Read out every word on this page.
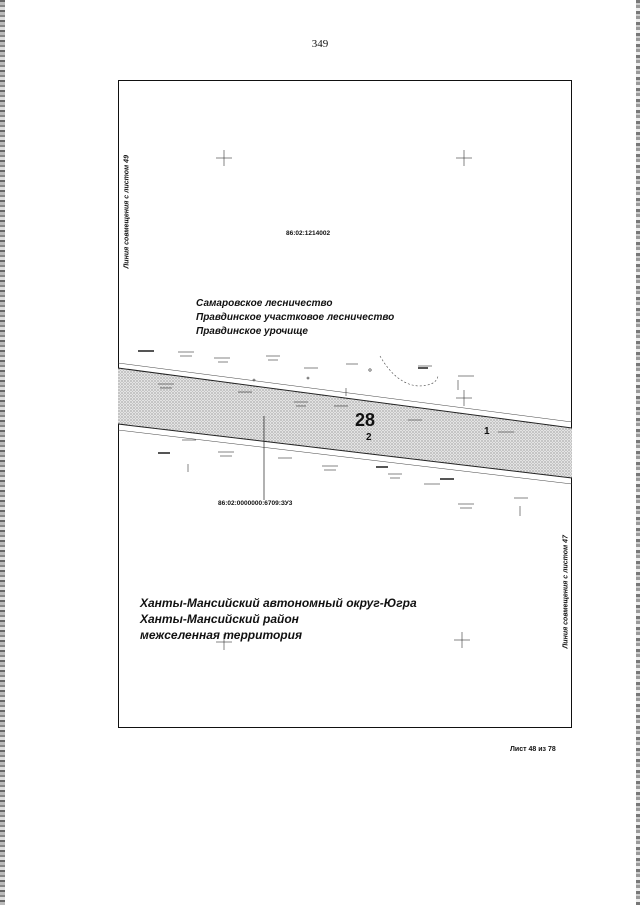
349
Линия совмещения с листом 49
Линия совмещения с листом 47
86:02:1214002
86:02:0000000:6709:ЗУ3
Самаровское лесничество
Правдинское участковое лесничество
Правдинское урочище
28
2
1
Ханты-Мансийский автономный округ-Югра
Ханты-Мансийский район
межселенная территория
Лист 48 из 78
